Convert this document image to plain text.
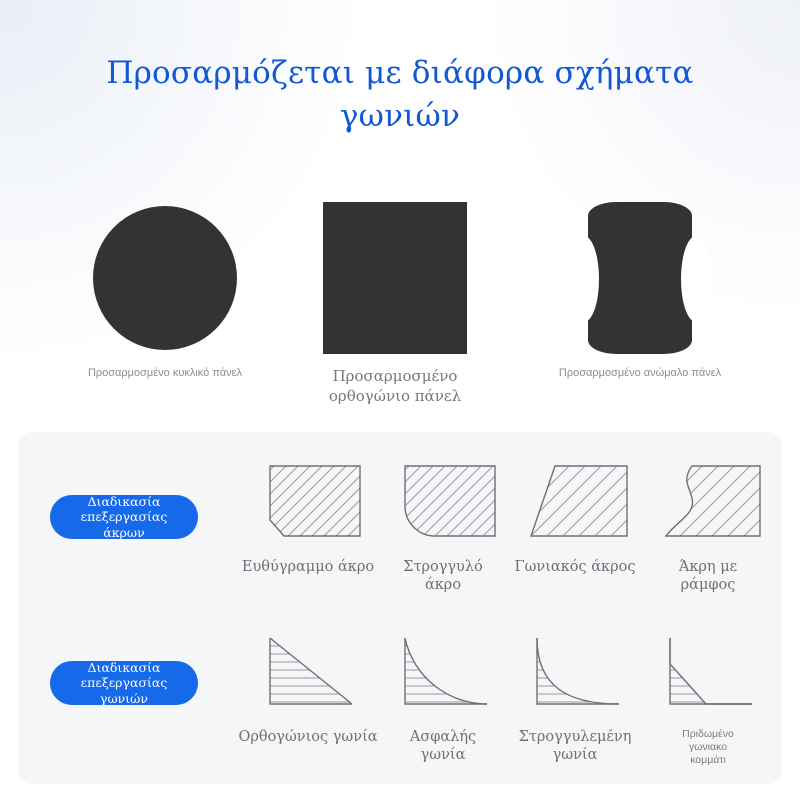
Προσαρμόζεται με διάφορα σχήματα
γωνιών
Προσαρμοσμένο κυκλικό πάνελ	Προσαρμοσμένο
ορθογώνιο πάνελ
Προσαρμοσμένο ανώμαλο πάνελ
Διαδικασία
επεξεργασίας άκρων
Ευθύγραμμο άκρο	Στρογγυλό
άκρο
Γωνιακός άκρος	Άκρη με
ράμφος
Διαδικασία
επεξεργασίας γωνιών
Ορθογώνιος γωνία	Ασφαλής
γωνία
Στρογγυλεμένη γωνία
Πριδωμένο
γωνιακο
κομμάτι
